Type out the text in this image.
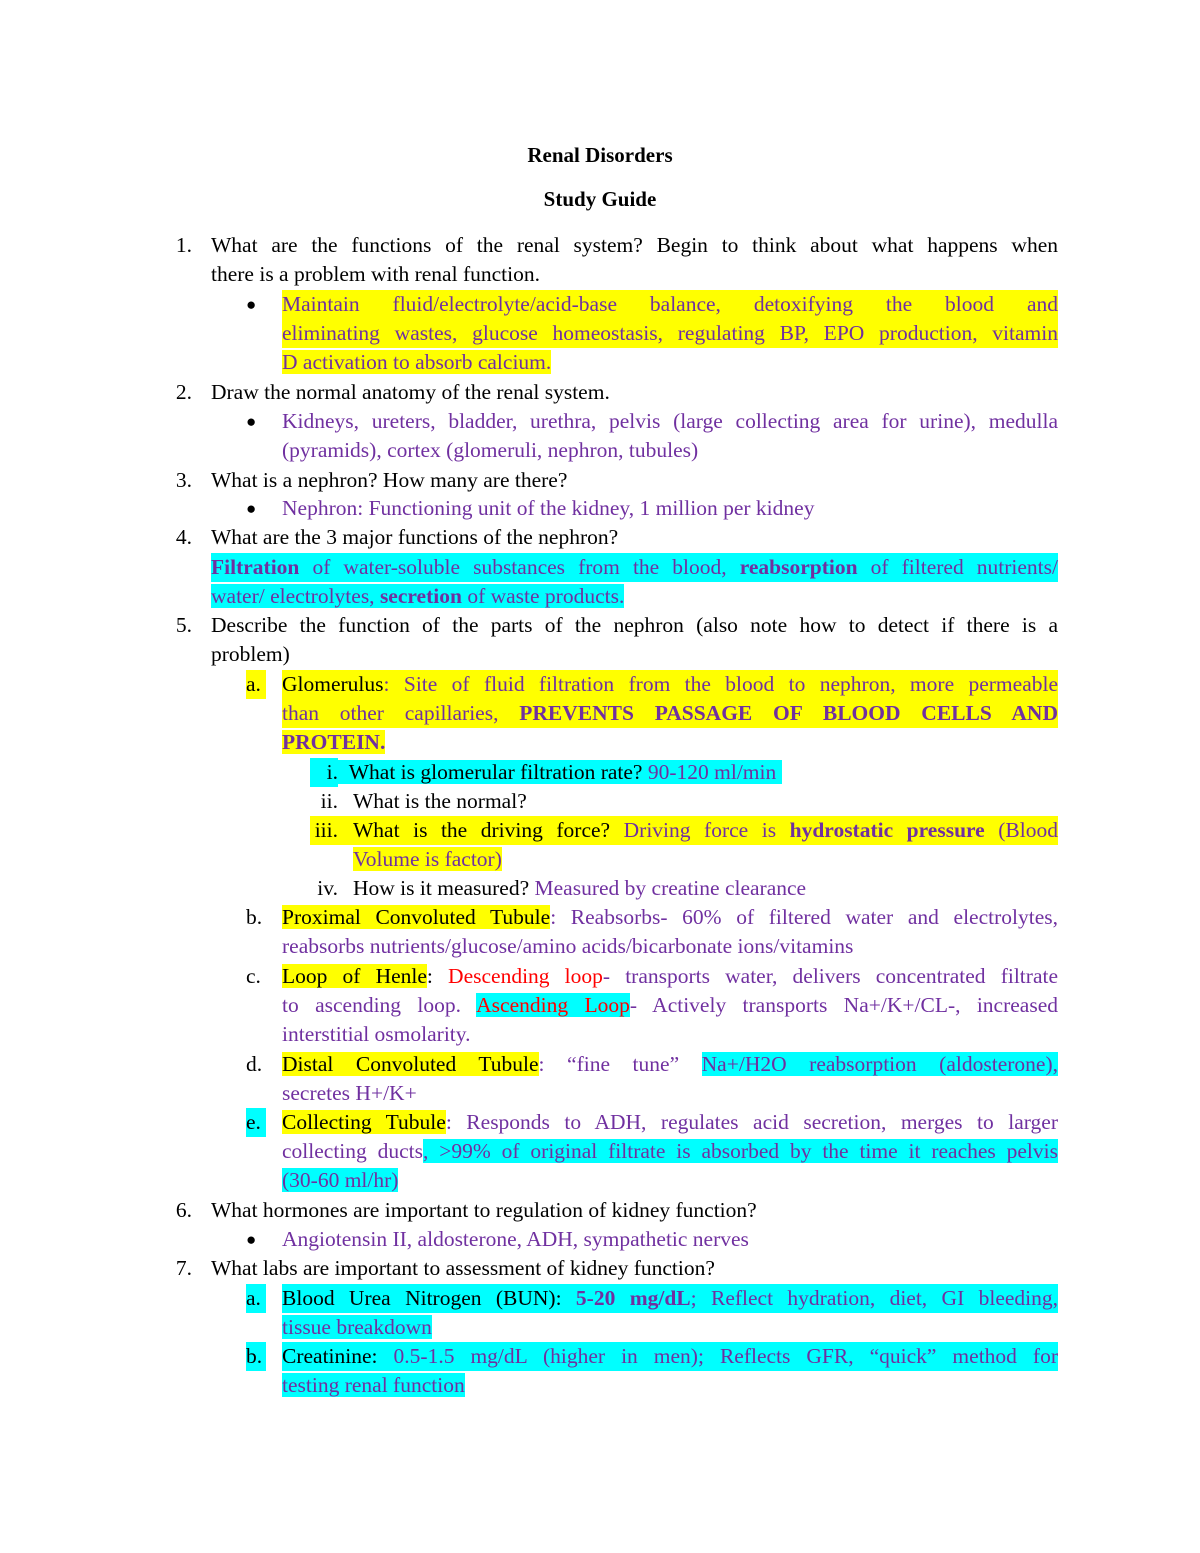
Renal Disorders
Study Guide
1. What are the functions of the renal system? Begin to think about what happens when
there is a problem with renal function.
● Maintain fluid/electrolyte/acid-base balance, detoxifying the blood and
eliminating wastes, glucose homeostasis, regulating BP, EPO production, vitamin
D activation to absorb calcium.
2. Draw the normal anatomy of the renal system.
● Kidneys, ureters, bladder, urethra, pelvis (large collecting area for urine), medulla
(pyramids), cortex (glomeruli, nephron, tubules)
3. What is a nephron? How many are there?
● Nephron: Functioning unit of the kidney, 1 million per kidney
4. What are the 3 major functions of the nephron?
Filtration of water-soluble substances from the blood, reabsorption of filtered nutrients/
water/ electrolytes, secretion of waste products.
5. Describe the function of the parts of the nephron (also note how to detect if there is a
problem)
a. Glomerulus: Site of fluid filtration from the blood to nephron, more permeable
than other capillaries, PREVENTS PASSAGE OF BLOOD CELLS AND
PROTEIN.
i. What is glomerular filtration rate? 90-120 ml/min
ii. What is the normal?
iii. What is the driving force? Driving force is hydrostatic pressure (Blood
Volume is factor)
iv. How is it measured? Measured by creatine clearance
b. Proximal Convoluted Tubule: Reabsorbs- 60% of filtered water and electrolytes,
reabsorbs nutrients/glucose/amino acids/bicarbonate ions/vitamins
c. Loop of Henle: Descending loop- transports water, delivers concentrated filtrate
to ascending loop. Ascending Loop- Actively transports Na+/K+/CL-, increased
interstitial osmolarity.
d. Distal Convoluted Tubule: “fine tune” Na+/H2O reabsorption (aldosterone),
secretes H+/K+
e. Collecting Tubule: Responds to ADH, regulates acid secretion, merges to larger
collecting ducts, >99% of original filtrate is absorbed by the time it reaches pelvis
(30-60 ml/hr)
6. What hormones are important to regulation of kidney function?
● Angiotensin II, aldosterone, ADH, sympathetic nerves
7. What labs are important to assessment of kidney function?
a. Blood Urea Nitrogen (BUN): 5-20 mg/dL; Reflect hydration, diet, GI bleeding,
tissue breakdown
b. Creatinine: 0.5-1.5 mg/dL (higher in men); Reflects GFR, “quick” method for
testing renal function
